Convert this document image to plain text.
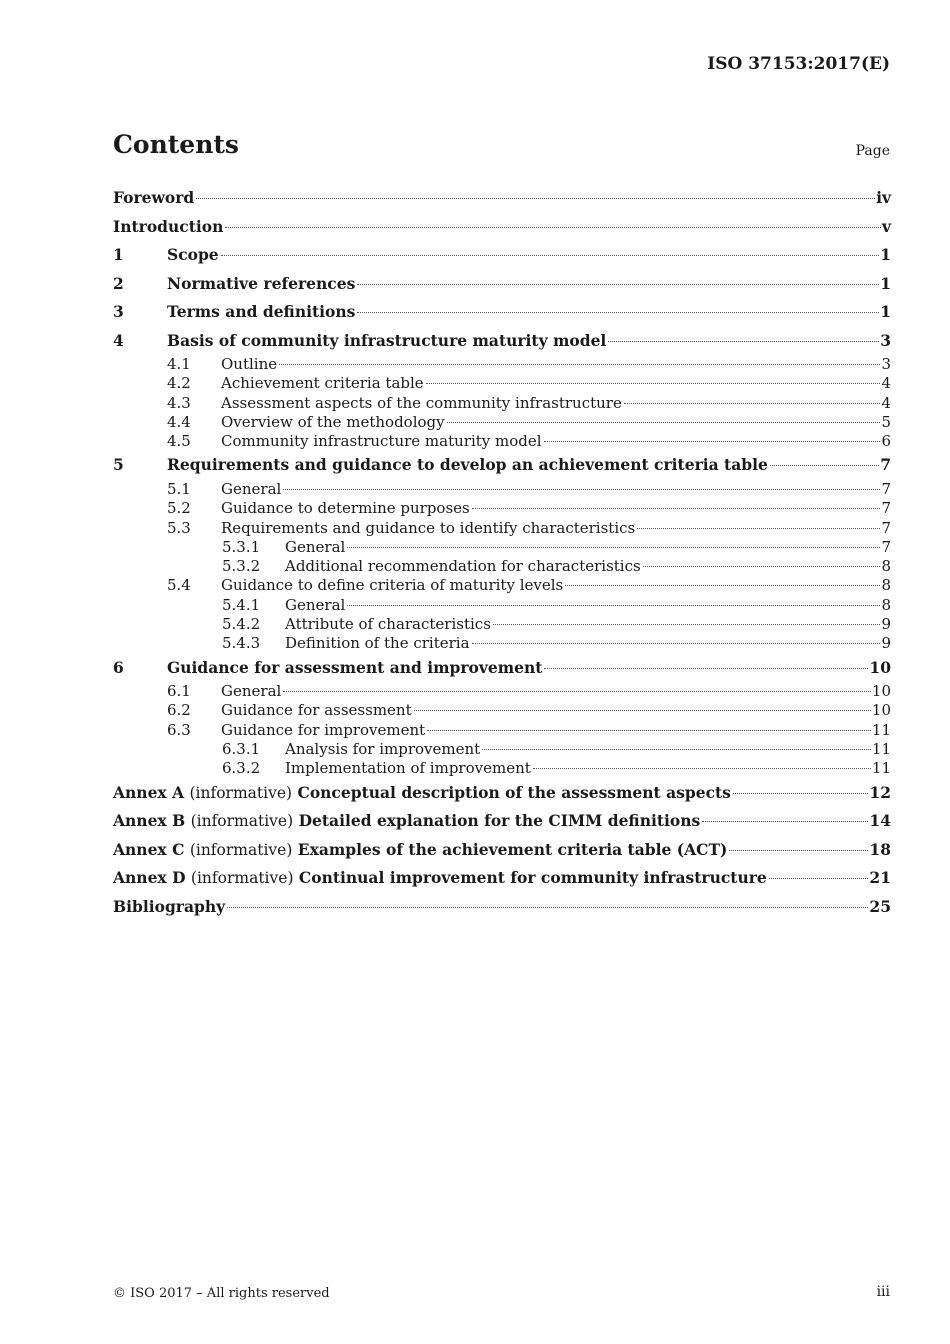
ISO 37153:2017(E)
Contents	Page
Foreword	iv
Introduction	v
1	Scope	1
2	Normative references	1
3	Terms and definitions	1
4	Basis of community infrastructure maturity model	3
4.1	Outline	3
4.2	Achievement criteria table	4
4.3	Assessment aspects of the community infrastructure	4
4.4	Overview of the methodology	5
4.5	Community infrastructure maturity model	6
5	Requirements and guidance to develop an achievement criteria table	7
5.1	General	7
5.2	Guidance to determine purposes	7
5.3	Requirements and guidance to identify characteristics	7
5.3.1	General	7
5.3.2	Additional recommendation for characteristics	8
5.4	Guidance to define criteria of maturity levels	8
5.4.1	General	8
5.4.2	Attribute of characteristics	9
5.4.3	Definition of the criteria	9
6	Guidance for assessment and improvement	10
6.1	General	10
6.2	Guidance for assessment	10
6.3	Guidance for improvement	11
6.3.1	Analysis for improvement	11
6.3.2	Implementation of improvement	11
Annex A (informative) Conceptual description of the assessment aspects	12
Annex B (informative) Detailed explanation for the CIMM definitions	14
Annex C (informative) Examples of the achievement criteria table (ACT)	18
Annex D (informative) Continual improvement for community infrastructure	21
Bibliography	25
© ISO 2017 – All rights reserved	iii
